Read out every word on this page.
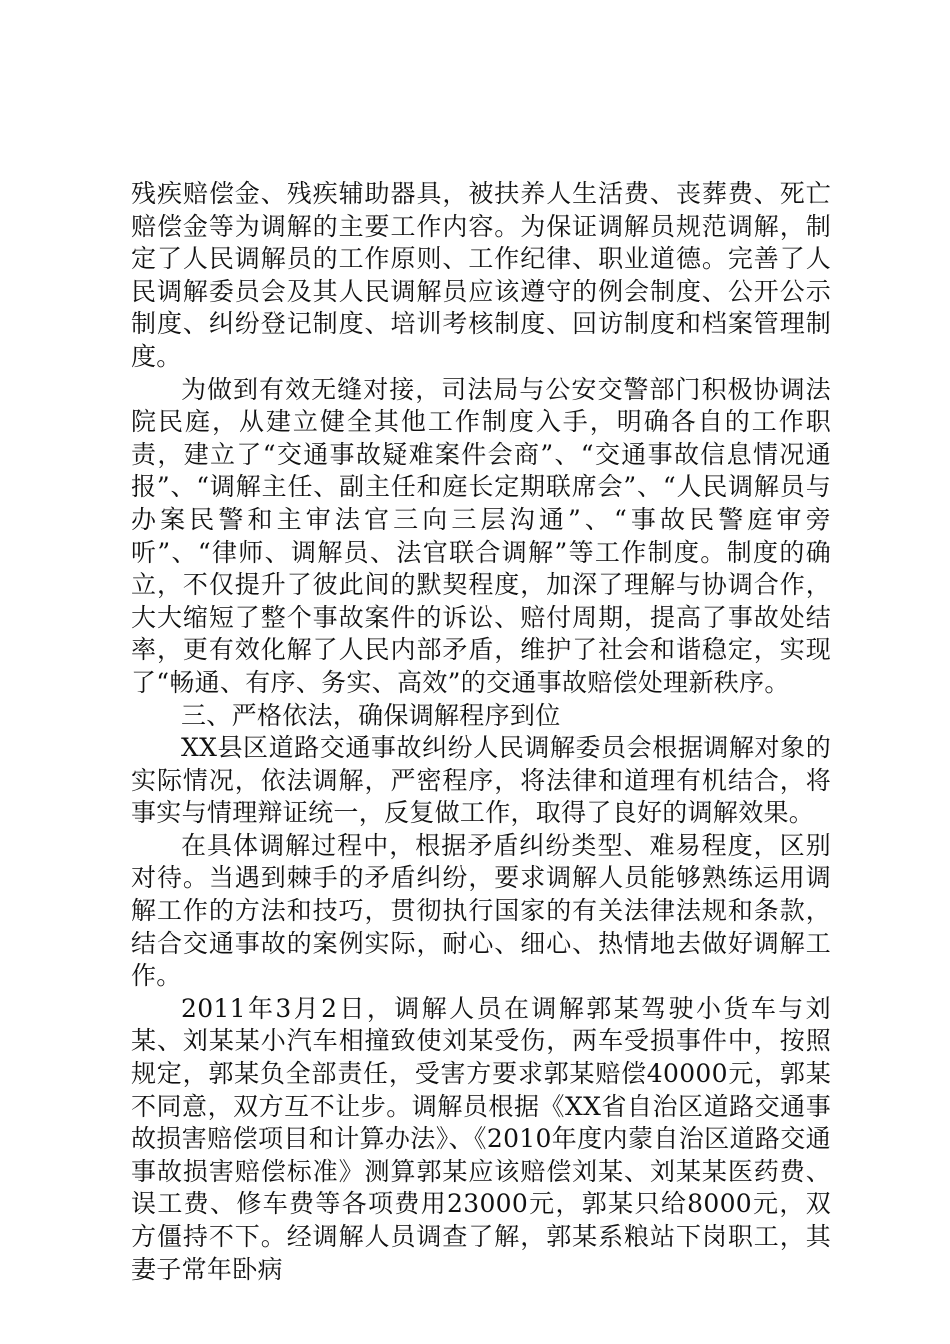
残疾赔偿金、残疾辅助器具，被扶养人生活费、丧葬费、死亡赔偿金等为调解的主要工作内容。为保证调解员规范调解，制定了人民调解员的工作原则、工作纪律、职业道德。完善了人民调解委员会及其人民调解员应该遵守的例会制度、公开公示制度、纠纷登记制度、培训考核制度、回访制度和档案管理制度。

为做到有效无缝对接，司法局与公安交警部门积极协调法院民庭，从建立健全其他工作制度入手，明确各自的工作职责，建立了“交通事故疑难案件会商”、“交通事故信息情况通报”、“调解主任、副主任和庭长定期联席会”、“人民调解员与办案民警和主审法官三向三层沟通”、“事故民警庭审旁听”、“律师、调解员、法官联合调解”等工作制度。制度的确立，不仅提升了彼此间的默契程度，加深了理解与协调合作，大大缩短了整个事故案件的诉讼、赔付周期，提高了事故处结率，更有效化解了人民内部矛盾，维护了社会和谐稳定，实现了“畅通、有序、务实、高效”的交通事故赔偿处理新秩序。

三、严格依法，确保调解程序到位

XX县区道路交通事故纠纷人民调解委员会根据调解对象的实际情况，依法调解，严密程序，将法律和道理有机结合，将事实与情理辩证统一，反复做工作，取得了良好的调解效果。

在具体调解过程中，根据矛盾纠纷类型、难易程度，区别对待。当遇到棘手的矛盾纠纷，要求调解人员能够熟练运用调解工作的方法和技巧，贯彻执行国家的有关法律法规和条款，结合交通事故的案例实际，耐心、细心、热情地去做好调解工作。

2011年3月2日，调解人员在调解郭某驾驶小货车与刘某、刘某某小汽车相撞致使刘某受伤，两车受损事件中，按照规定，郭某负全部责任，受害方要求郭某赔偿40000元，郭某不同意，双方互不让步。调解员根据《XX省自治区道路交通事故损害赔偿项目和计算办法》、《2010年度内蒙自治区道路交通事故损害赔偿标准》测算郭某应该赔偿刘某、刘某某医药费、误工费、修车费等各项费用23000元，郭某只给8000元，双方僵持不下。经调解人员调查了解，郭某系粮站下岗职工，其妻子常年卧病
